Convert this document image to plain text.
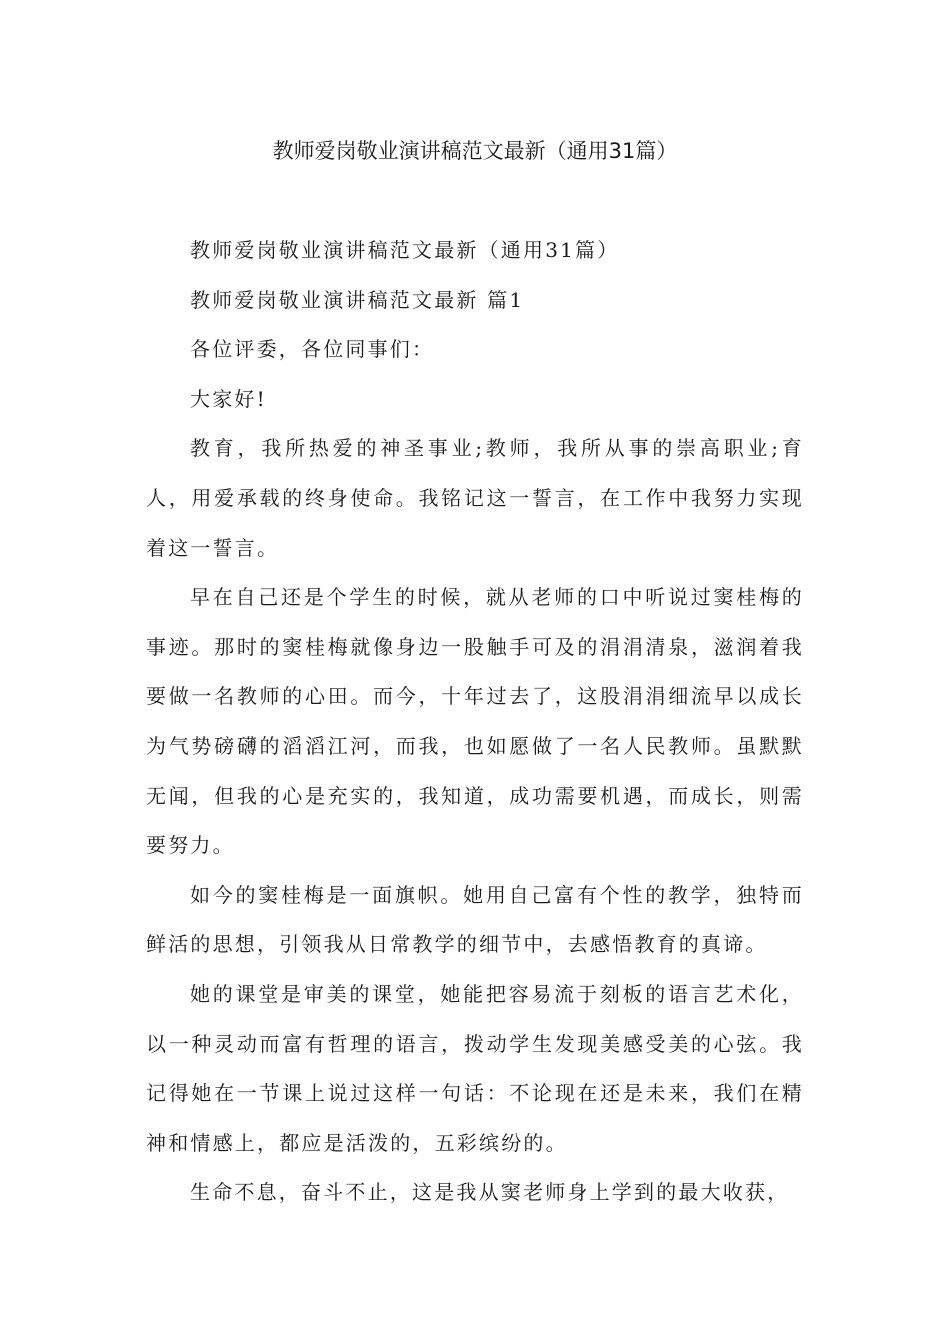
教师爱岗敬业演讲稿范文最新（通用31篇）

教师爱岗敬业演讲稿范文最新（通用31篇）

教师爱岗敬业演讲稿范文最新 篇1

各位评委，各位同事们：

大家好!

教育，我所热爱的神圣事业;教师，我所从事的崇高职业;育人，用爱承载的终身使命。我铭记这一誓言，在工作中我努力实现着这一誓言。

早在自己还是个学生的时候，就从老师的口中听说过窦桂梅的事迹。那时的窦桂梅就像身边一股触手可及的涓涓清泉，滋润着我要做一名教师的心田。而今，十年过去了，这股涓涓细流早以成长为气势磅礴的滔滔江河，而我，也如愿做了一名人民教师。虽默默无闻，但我的心是充实的，我知道，成功需要机遇，而成长，则需要努力。

如今的窦桂梅是一面旗帜。她用自己富有个性的教学，独特而鲜活的思想，引领我从日常教学的细节中，去感悟教育的真谛。

她的课堂是审美的课堂，她能把容易流于刻板的语言艺术化，以一种灵动而富有哲理的语言，拨动学生发现美感受美的心弦。我记得她在一节课上说过这样一句话：不论现在还是未来，我们在精神和情感上，都应是活泼的，五彩缤纷的。

生命不息，奋斗不止，这是我从窦老师身上学到的最大收获，
